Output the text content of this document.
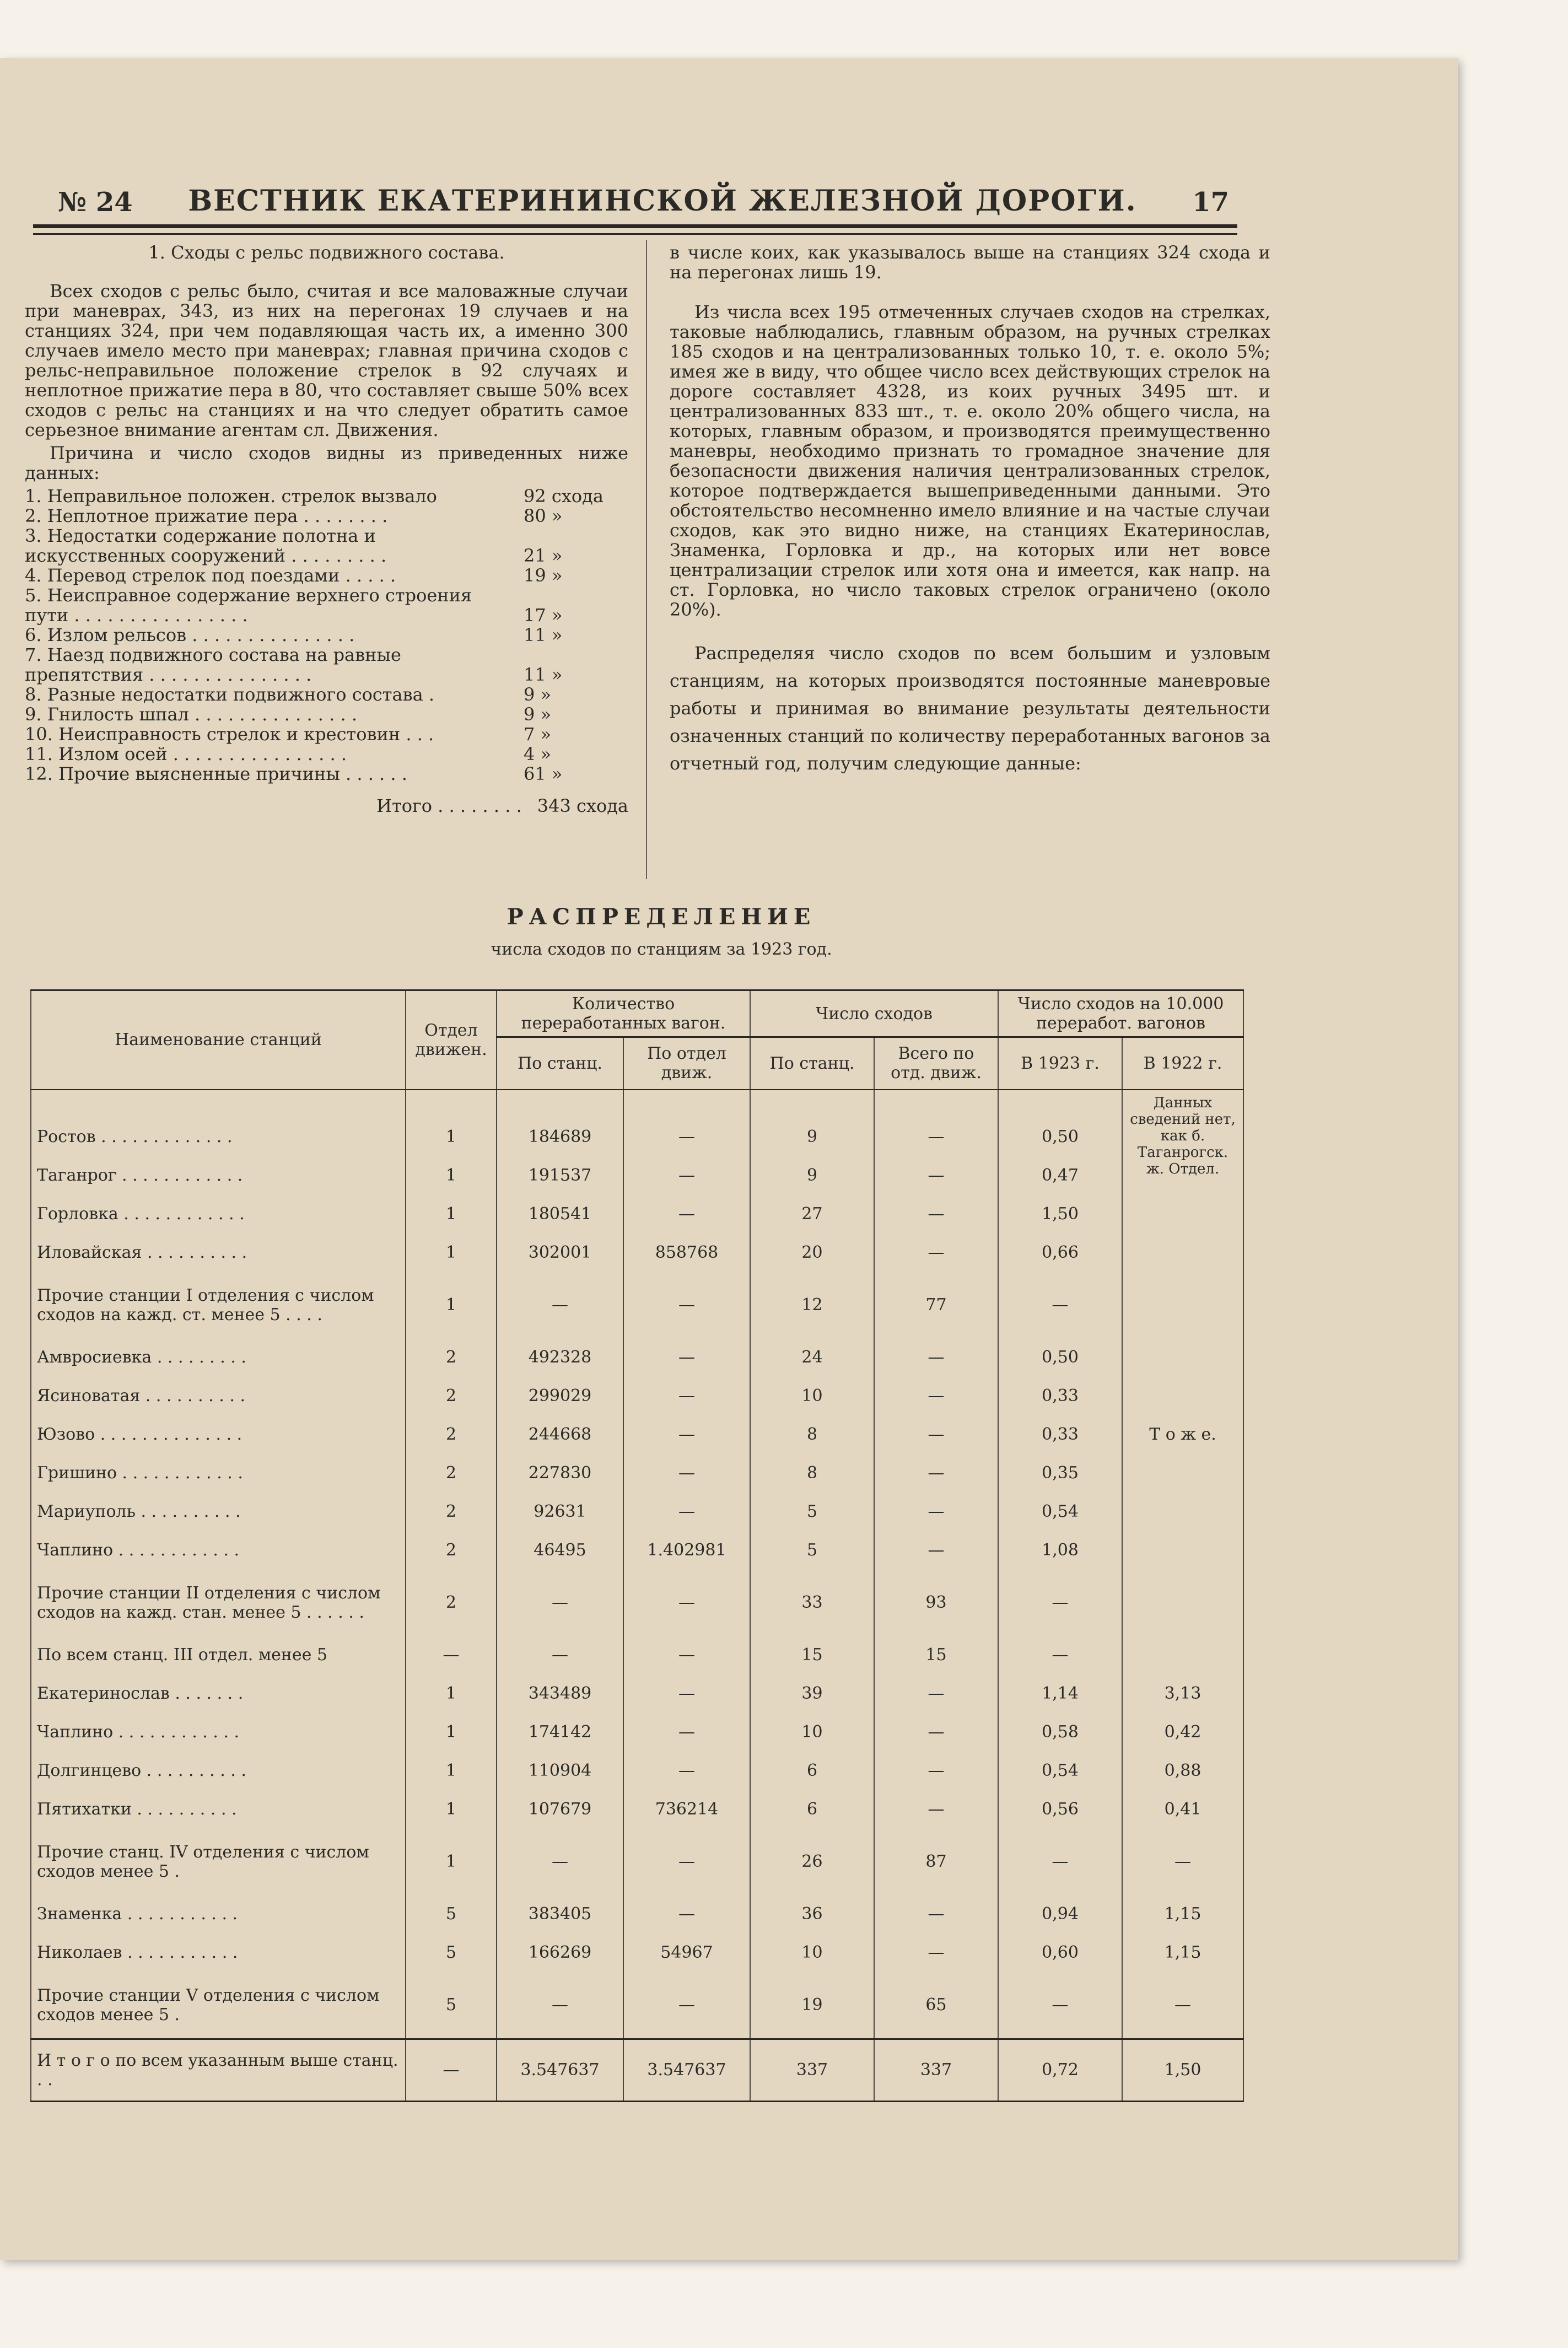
№ 24 ВЕСТНИК ЕКАТЕРИНИНСКОЙ ЖЕЛЕЗНОЙ ДОРОГИ. 17
1. Сходы с рельс подвижного состава.

Всех сходов с рельс было, считая и все маловажные случаи при маневрах, 343, из них на перегонах 19 случаев и на станциях 324, при чем подавляющая часть их, а именно 300 случаев имело место при маневрах; главная причина сходов с рельс-неправильное положение стрелок в 92 случаях и неплотное прижатие пера в 80, что составляет свыше 50% всех сходов с рельс на станциях и на что следует обратить самое серьезное внимание агентам сл. Движения.

Причина и число сходов видны из приведенных ниже данных:

1. Неправильное положен. стрелок вызвало	92 схода
2. Неплотное прижатие пера . . . . . . . .	80 »
3. Недостатки содержание полотна и искусственных сооружений . . . . . . . . .	21 »
4. Перевод стрелок под поездами . . . . .	19 »
5. Неисправное содержание верхнего строения пути . . . . . . . . . . . . . . . .	17 »
6. Излом рельсов . . . . . . . . . . . . . . .	11 »
7. Наезд подвижного состава на равные препятствия . . . . . . . . . . . . . . .	11 »
8. Разные недостатки подвижного состава .	9 »
9. Гнилость шпал . . . . . . . . . . . . . . .	9 »
10. Неисправность стрелок и крестовин . . .	7 »
11. Излом осей . . . . . . . . . . . . . . . .	4 »
12. Прочие выясненные причины . . . . . .	61 »
Итого . . . . . . . . 343 схода

в числе коих, как указывалось выше на станциях 324 схода и на перегонах лишь 19.

Из числа всех 195 отмеченных случаев сходов на стрелках, таковые наблюдались, главным образом, на ручных стрелках 185 сходов и на централизованных только 10, т. е. около 5%; имея же в виду, что общее число всех действующих стрелок на дороге составляет 4328, из коих ручных 3495 шт. и централизованных 833 шт., т. е. около 20% общего числа, на которых, главным образом, и производятся преимущественно маневры, необходимо признать то громадное значение для безопасности движения наличия централизованных стрелок, которое подтверждается вышеприведенными данными. Это обстоятельство несомненно имело влияние и на частые случаи сходов, как это видно ниже, на станциях Екатеринослав, Знаменка, Горловка и др., на которых или нет вовсе централизации стрелок или хотя она и имеется, как напр. на ст. Горловка, но число таковых стрелок ограничено (около 20%).

Распределяя число сходов по всем большим и узловым станциям, на которых производятся постоянные маневровые работы и принимая во внимание результаты деятельности означенных станций по количеству переработанных вагонов за отчетный год, получим следующие данные:

РАСПРЕДЕЛЕНИЕ
числа сходов по станциям за 1923 год.
Наименование станций	Отдел движен.	Количество переработанных вагон.		Число сходов		Число сходов на 10.000 переработ. вагонов	
		По станц.	По отдел движ.	По станц.	Всего по отд. движ.	В 1923 г.	В 1922 г.
Ростов . . . . . . . . . . . . .	1	184689	—	9	—	0,50	Данных сведений нет, как б. Таганрогск. ж. Отдел.
Таганрог . . . . . . . . . . . .	1	191537	—	9	—	0,47	
Горловка . . . . . . . . . . . .	1	180541	—	27	—	1,50	
Иловайская . . . . . . . . . .	1	302001	858768	20	—	0,66	
Прочие станции I отделения с числом сходов на кажд. ст. менее 5 . . . .	1	—	—	12	77	—	
Амвросиевка . . . . . . . . .	2	492328	—	24	—	0,50	
Ясиноватая . . . . . . . . . .	2	299029	—	10	—	0,33	
Юзово . . . . . . . . . . . . . .	2	244668	—	8	—	0,33	Т о ж е.
Гришино . . . . . . . . . . . .	2	227830	—	8	—	0,35	
Мариуполь . . . . . . . . . .	2	92631	—	5	—	0,54	
Чаплино . . . . . . . . . . . .	2	46495	1.402981	5	—	1,08	
Прочие станции II отделения с числом сходов на кажд. стан. менее 5 . . . . . .	2	—	—	33	93	—	
По всем станц. III отдел. менее 5	—	—	—	15	15	—	
Екатеринослав . . . . . . .	1	343489	—	39	—	1,14	3,13
Чаплино . . . . . . . . . . . .	1	174142	—	10	—	0,58	0,42
Долгинцево . . . . . . . . . .	1	110904	—	6	—	0,54	0,88
Пятихатки . . . . . . . . . .	1	107679	736214	6	—	0,56	0,41
Прочие станц. IV отделения с числом сходов менее 5 .	1	—	—	26	87	—	—
Знаменка . . . . . . . . . . .	5	383405	—	36	—	0,94	1,15
Николаев . . . . . . . . . . .	5	166269	54967	10	—	0,60	1,15
Прочие станции V отделения с числом сходов менее 5 .	5	—	—	19	65	—	—
И т о г о по всем указанным выше станц. . .	—	3.547637	3.547637	337	337	0,72	1,50
